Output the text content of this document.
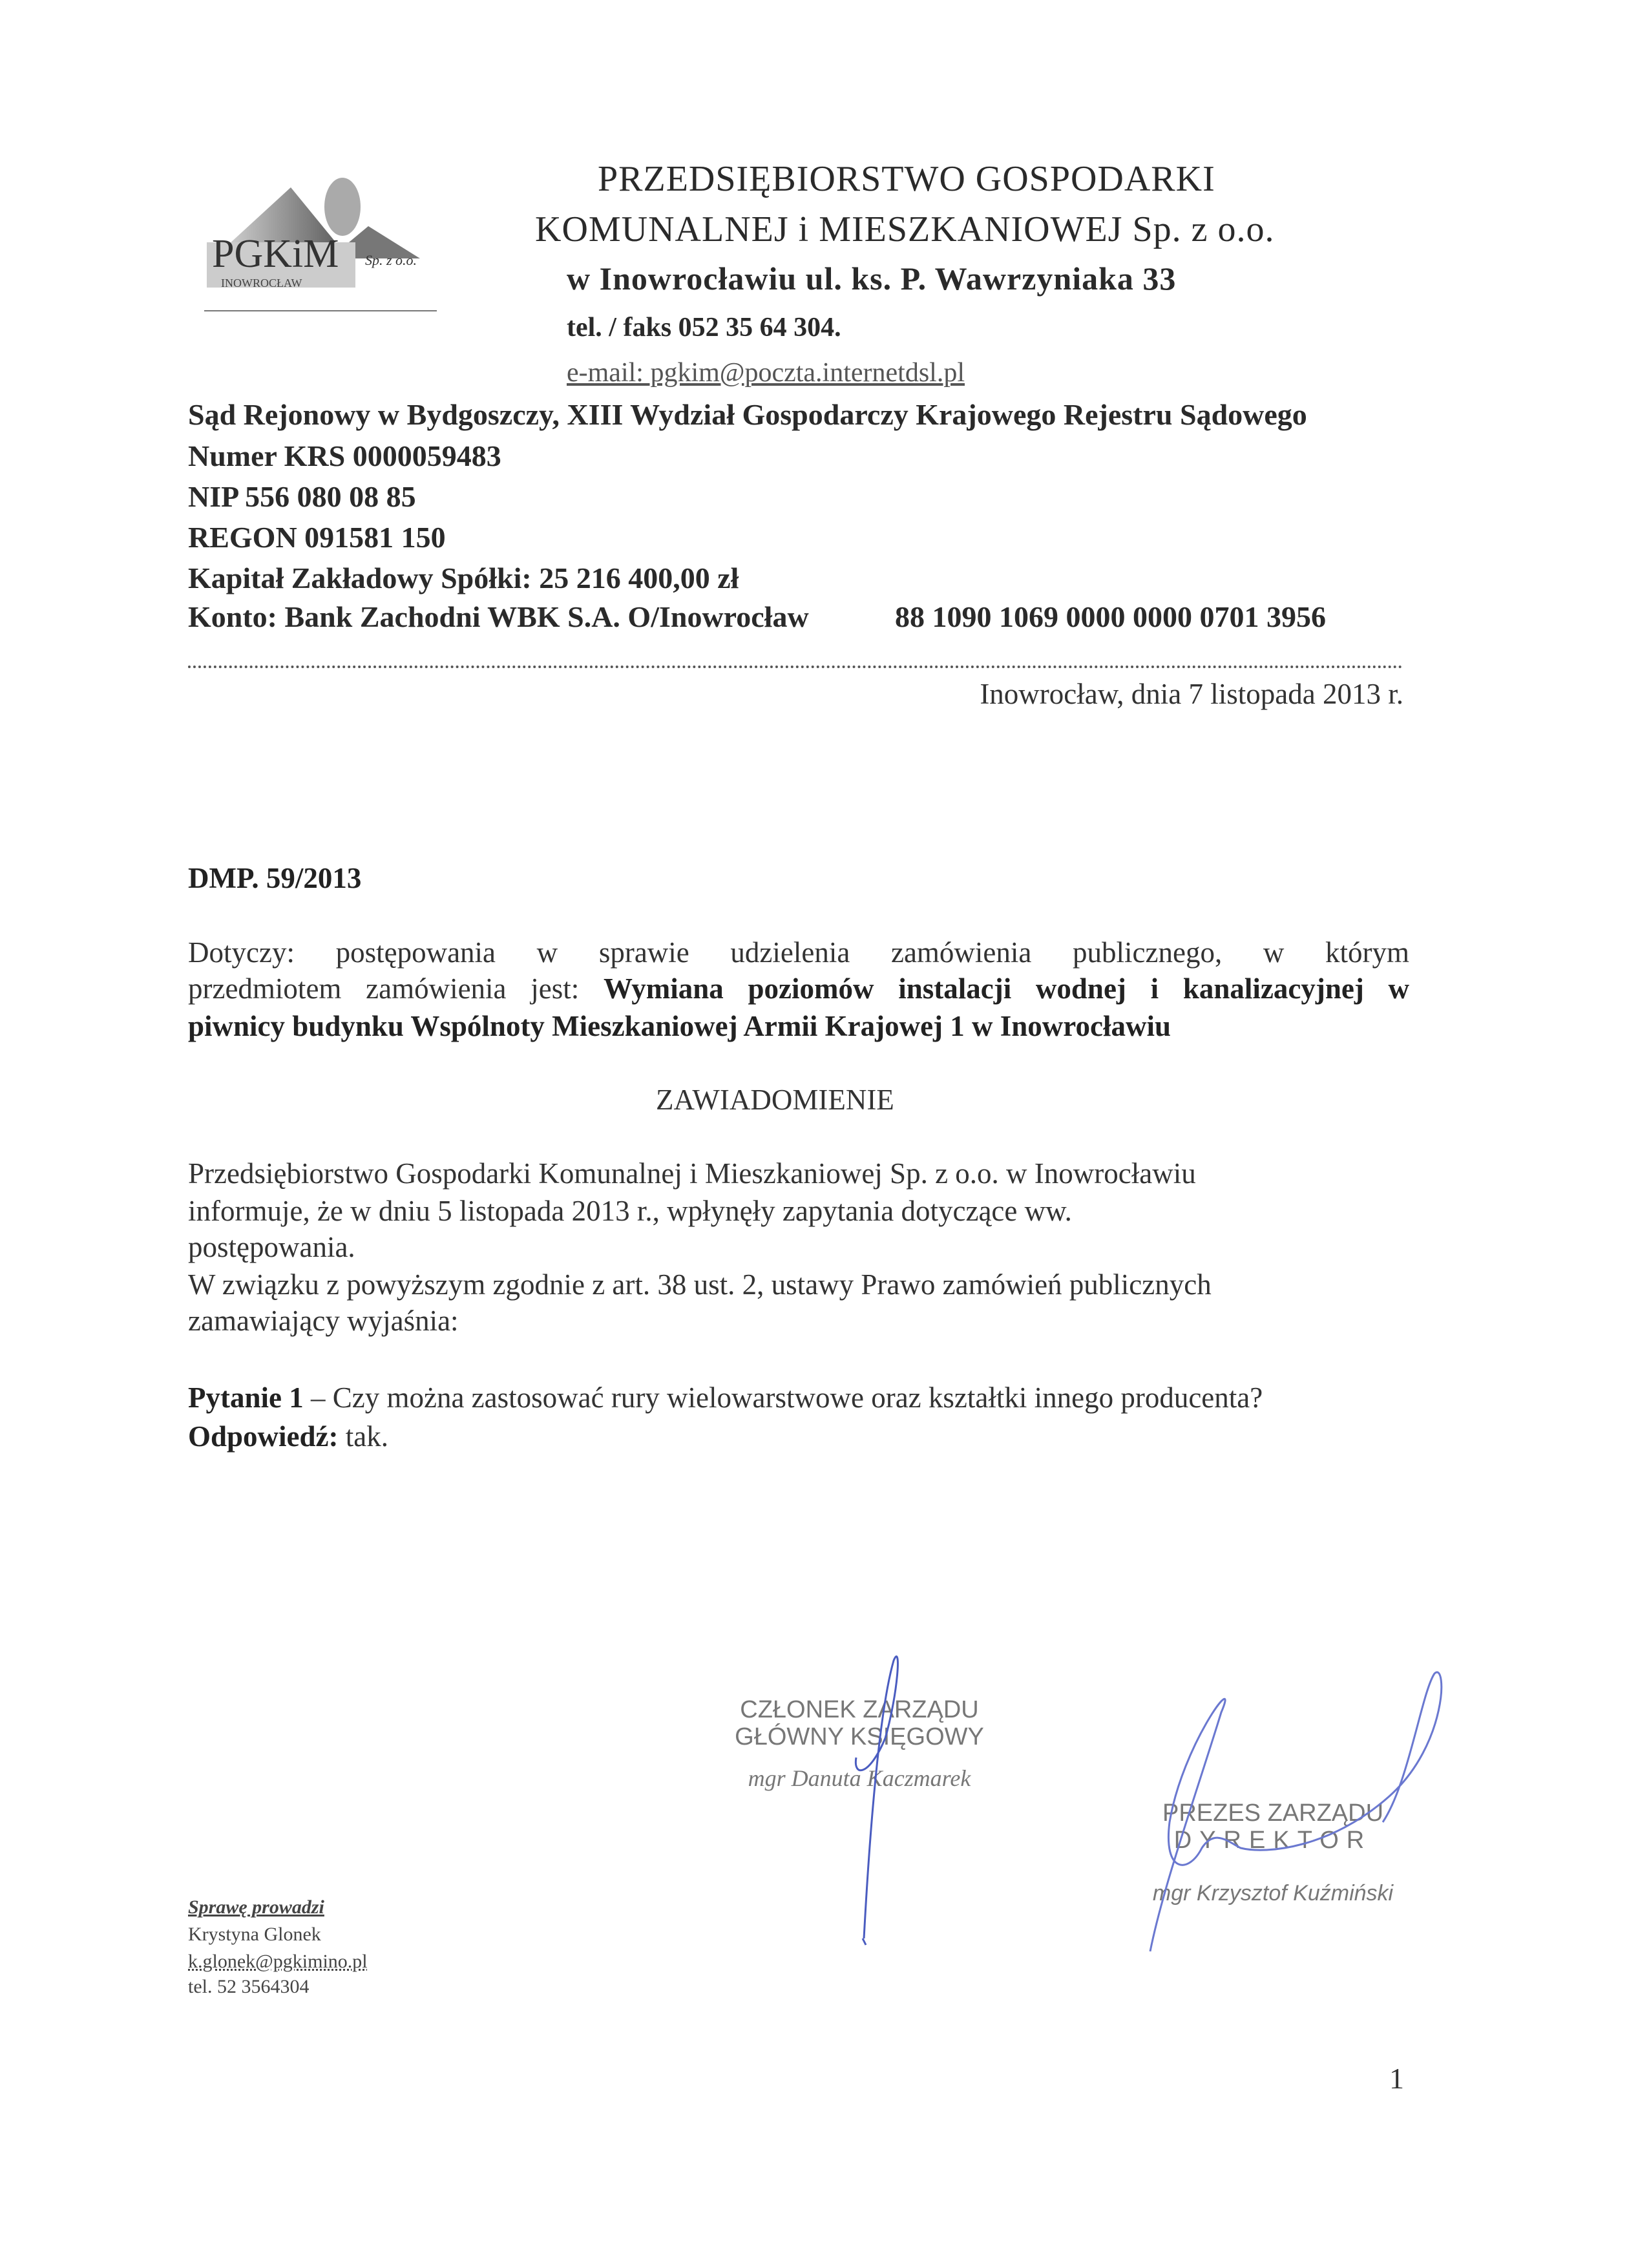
PGKiM Sp. z o.o.
INOWROCŁAW
PRZEDSIĘBIORSTWO GOSPODARKI
KOMUNALNEJ i MIESZKANIOWEJ Sp. z o.o.
w Inowrocławiu ul. ks. P. Wawrzyniaka 33
tel. / faks 052 35 64 304.
e-mail: pgkim@poczta.internetdsl.pl
Sąd Rejonowy w Bydgoszczy, XIII Wydział Gospodarczy Krajowego Rejestru Sądowego
Numer KRS 0000059483
NIP 556 080 08 85
REGON 091581 150
Kapitał Zakładowy Spółki: 25 216 400,00 zł
Konto: Bank Zachodni WBK S.A. O/Inowrocław	88 1090 1069 0000 0000 0701 3956
Inowrocław, dnia 7 listopada 2013 r.
DMP. 59/2013
Dotyczy: postępowania w sprawie udzielenia zamówienia publicznego, w którym
przedmiotem zamówienia jest: Wymiana poziomów instalacji wodnej i kanalizacyjnej w
piwnicy budynku Wspólnoty Mieszkaniowej Armii Krajowej 1 w Inowrocławiu
ZAWIADOMIENIE
Przedsiębiorstwo Gospodarki Komunalnej i Mieszkaniowej Sp. z o.o. w Inowrocławiu
informuje, że w dniu 5 listopada 2013 r., wpłynęły zapytania dotyczące ww.
postępowania.
W związku z powyższym zgodnie z art. 38 ust. 2, ustawy Prawo zamówień publicznych
zamawiający wyjaśnia:
Pytanie 1 – Czy można zastosować rury wielowarstwowe oraz kształtki innego producenta?
Odpowiedź: tak.
CZŁONEK ZARZĄDU
GŁÓWNY KSIĘGOWY
mgr Danuta Kaczmarek
PREZES ZARZĄDU
DYREKTOR
mgr Krzysztof Kuźmiński
Sprawę prowadzi
Krystyna Glonek
k.glonek@pgkimino.pl
tel. 52 3564304
1
